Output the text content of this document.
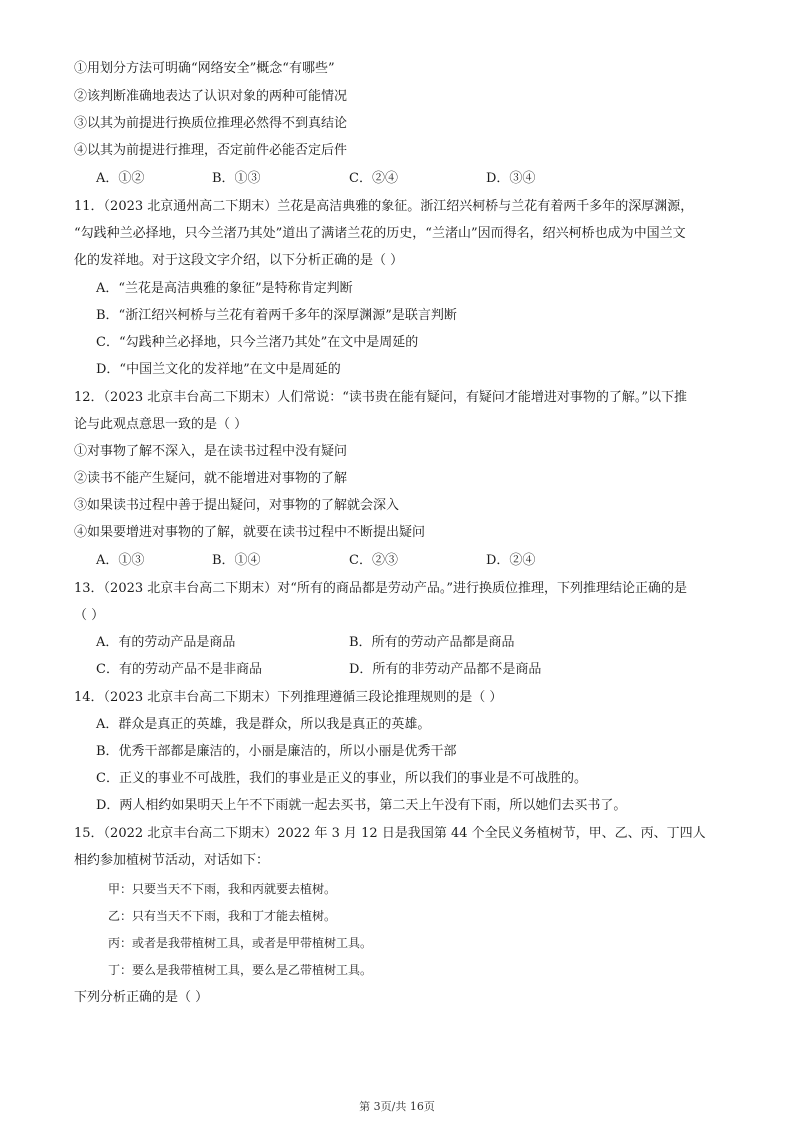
①用划分方法可明确“网络安全”概念“有哪些”
②该判断准确地表达了认识对象的两种可能情况
③以其为前提进行换质位推理必然得不到真结论
④以其为前提进行推理，否定前件必能否定后件
A．①②	B．①③	C．②④	D．③④
11．（2023 北京通州高二下期末）兰花是高洁典雅的象征。浙江绍兴柯桥与兰花有着两千多年的深厚渊源，
“勾践种兰必择地，只今兰渚乃其处”道出了满诸兰花的历史，“兰渚山”因而得名，绍兴柯桥也成为中国兰文
化的发祥地。对于这段文字介绍，以下分析正确的是（ ）
A．“兰花是高洁典雅的象征”是特称肯定判断
B．“浙江绍兴柯桥与兰花有着两千多年的深厚渊源”是联言判断
C．“勾践种兰必择地，只今兰渚乃其处”在文中是周延的
D．“中国兰文化的发祥地”在文中是周延的
12．（2023 北京丰台高二下期末）人们常说：“读书贵在能有疑问，有疑问才能增进对事物的了解。”以下推
论与此观点意思一致的是（ ）
①对事物了解不深入，是在读书过程中没有疑问
②读书不能产生疑问，就不能增进对事物的了解
③如果读书过程中善于提出疑问，对事物的了解就会深入
④如果要增进对事物的了解，就要在读书过程中不断提出疑问
A．①③	B．①④	C．②③	D．②④
13．（2023 北京丰台高二下期末）对“所有的商品都是劳动产品。”进行换质位推理，下列推理结论正确的是
（ ）
A．有的劳动产品是商品	B．所有的劳动产品都是商品
C．有的劳动产品不是非商品	D．所有的非劳动产品都不是商品
14．（2023 北京丰台高二下期末）下列推理遵循三段论推理规则的是（ ）
A．群众是真正的英雄，我是群众，所以我是真正的英雄。
B．优秀干部都是廉洁的，小丽是廉洁的，所以小丽是优秀干部
C．正义的事业不可战胜，我们的事业是正义的事业，所以我们的事业是不可战胜的。
D．两人相约如果明天上午不下雨就一起去买书，第二天上午没有下雨，所以她们去买书了。
15．（2022 北京丰台高二下期末）2022 年 3 月 12 日是我国第 44 个全民义务植树节，甲、乙、丙、丁四人
相约参加植树节活动，对话如下：
甲：只要当天不下雨，我和丙就要去植树。
乙：只有当天不下雨，我和丁才能去植树。
丙：或者是我带植树工具，或者是甲带植树工具。
丁：要么是我带植树工具，要么是乙带植树工具。
下列分析正确的是（ ）
第 3页/共 16页
